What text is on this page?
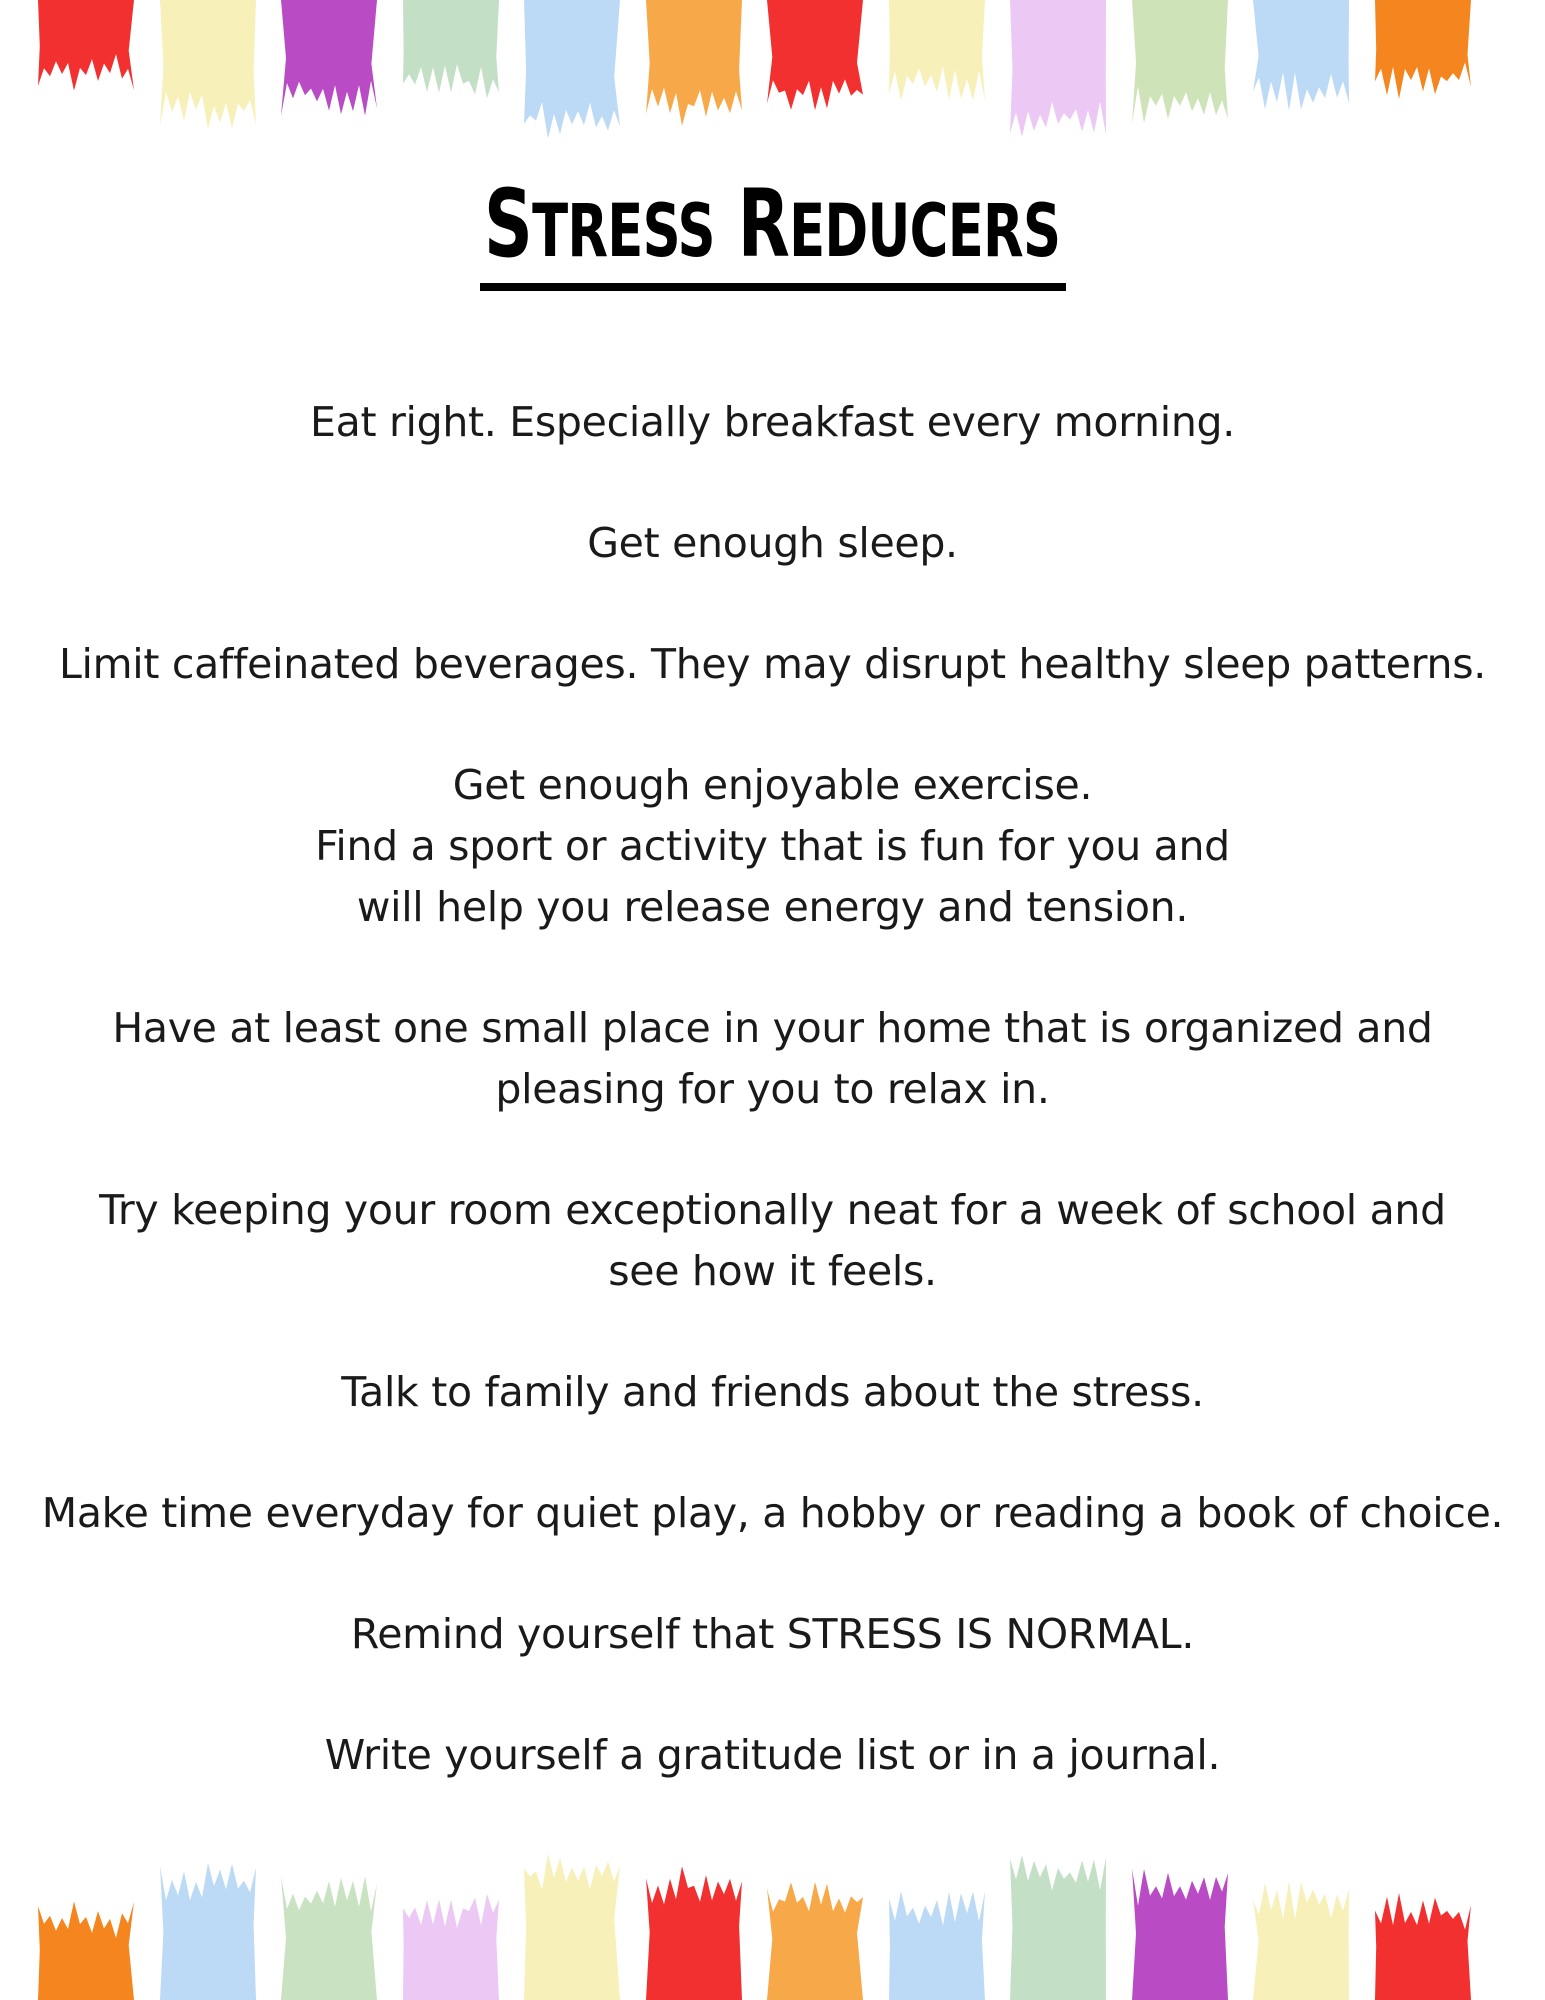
STRESS REDUCERS

Eat right. Especially breakfast every morning.

Get enough sleep.

Limit caffeinated beverages. They may disrupt healthy sleep patterns.

Get enough enjoyable exercise.
Find a sport or activity that is fun for you and
will help you release energy and tension.

Have at least one small place in your home that is organized and
pleasing for you to relax in.

Try keeping your room exceptionally neat for a week of school and
see how it feels.

Talk to family and friends about the stress.

Make time everyday for quiet play, a hobby or reading a book of choice.

Remind yourself that STRESS IS NORMAL.

Write yourself a gratitude list or in a journal.
